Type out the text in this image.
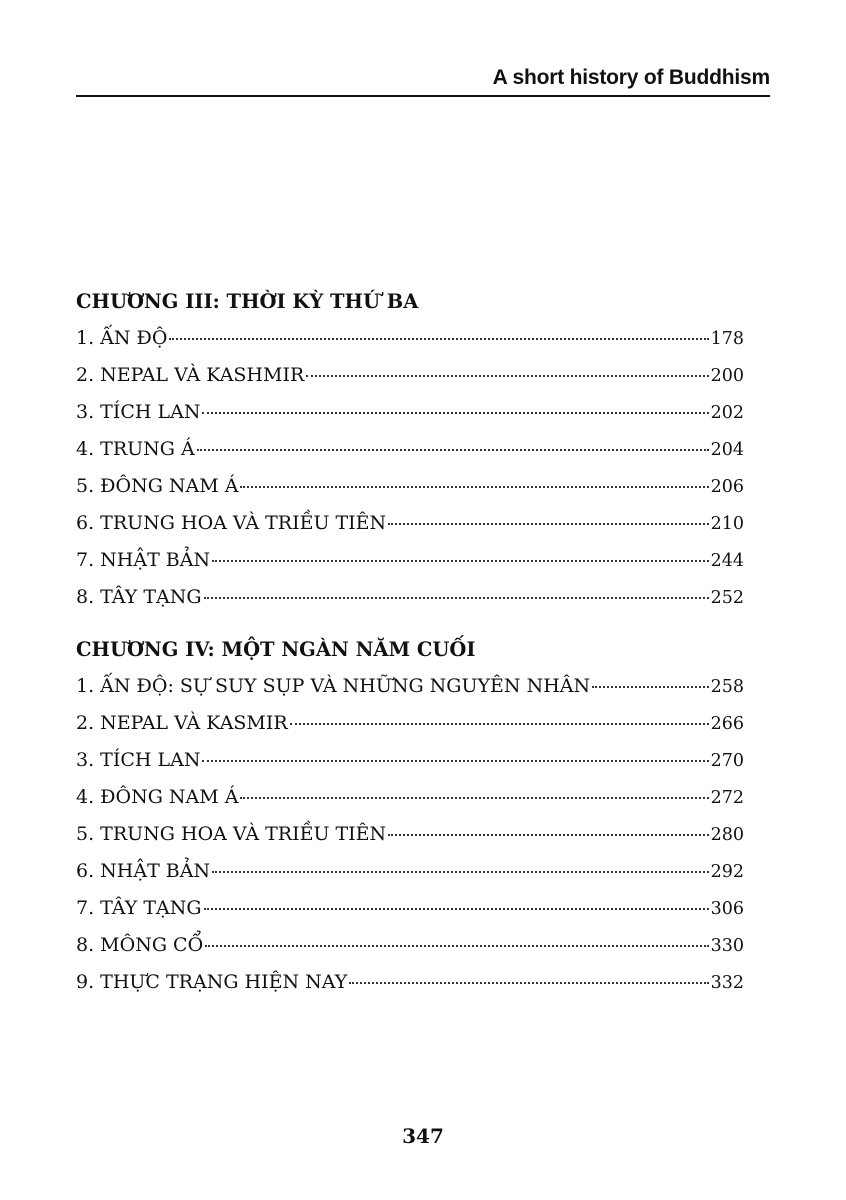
A short history of Buddhism
CHƯƠNG III: THỜI KỲ THỨ BA
1. ẤN ĐỘ	178
2. NEPAL VÀ KASHMIR	200
3. TÍCH LAN	202
4. TRUNG Á	204
5. ĐÔNG NAM Á	206
6. TRUNG HOA VÀ TRIỀU TIÊN	210
7. NHẬT BẢN	244
8. TÂY TẠNG	252
CHƯƠNG IV: MỘT NGÀN NĂM CUỐI
1. ẤN ĐỘ: SỰ SUY SỤP VÀ NHỮNG NGUYÊN NHÂN	258
2. NEPAL VÀ KASMIR	266
3. TÍCH LAN	270
4. ĐÔNG NAM Á	272
5. TRUNG HOA VÀ TRIỀU TIÊN	280
6. NHẬT BẢN	292
7. TÂY TẠNG	306
8. MÔNG CỔ	330
9. THỰC TRẠNG HIỆN NAY	332
347
